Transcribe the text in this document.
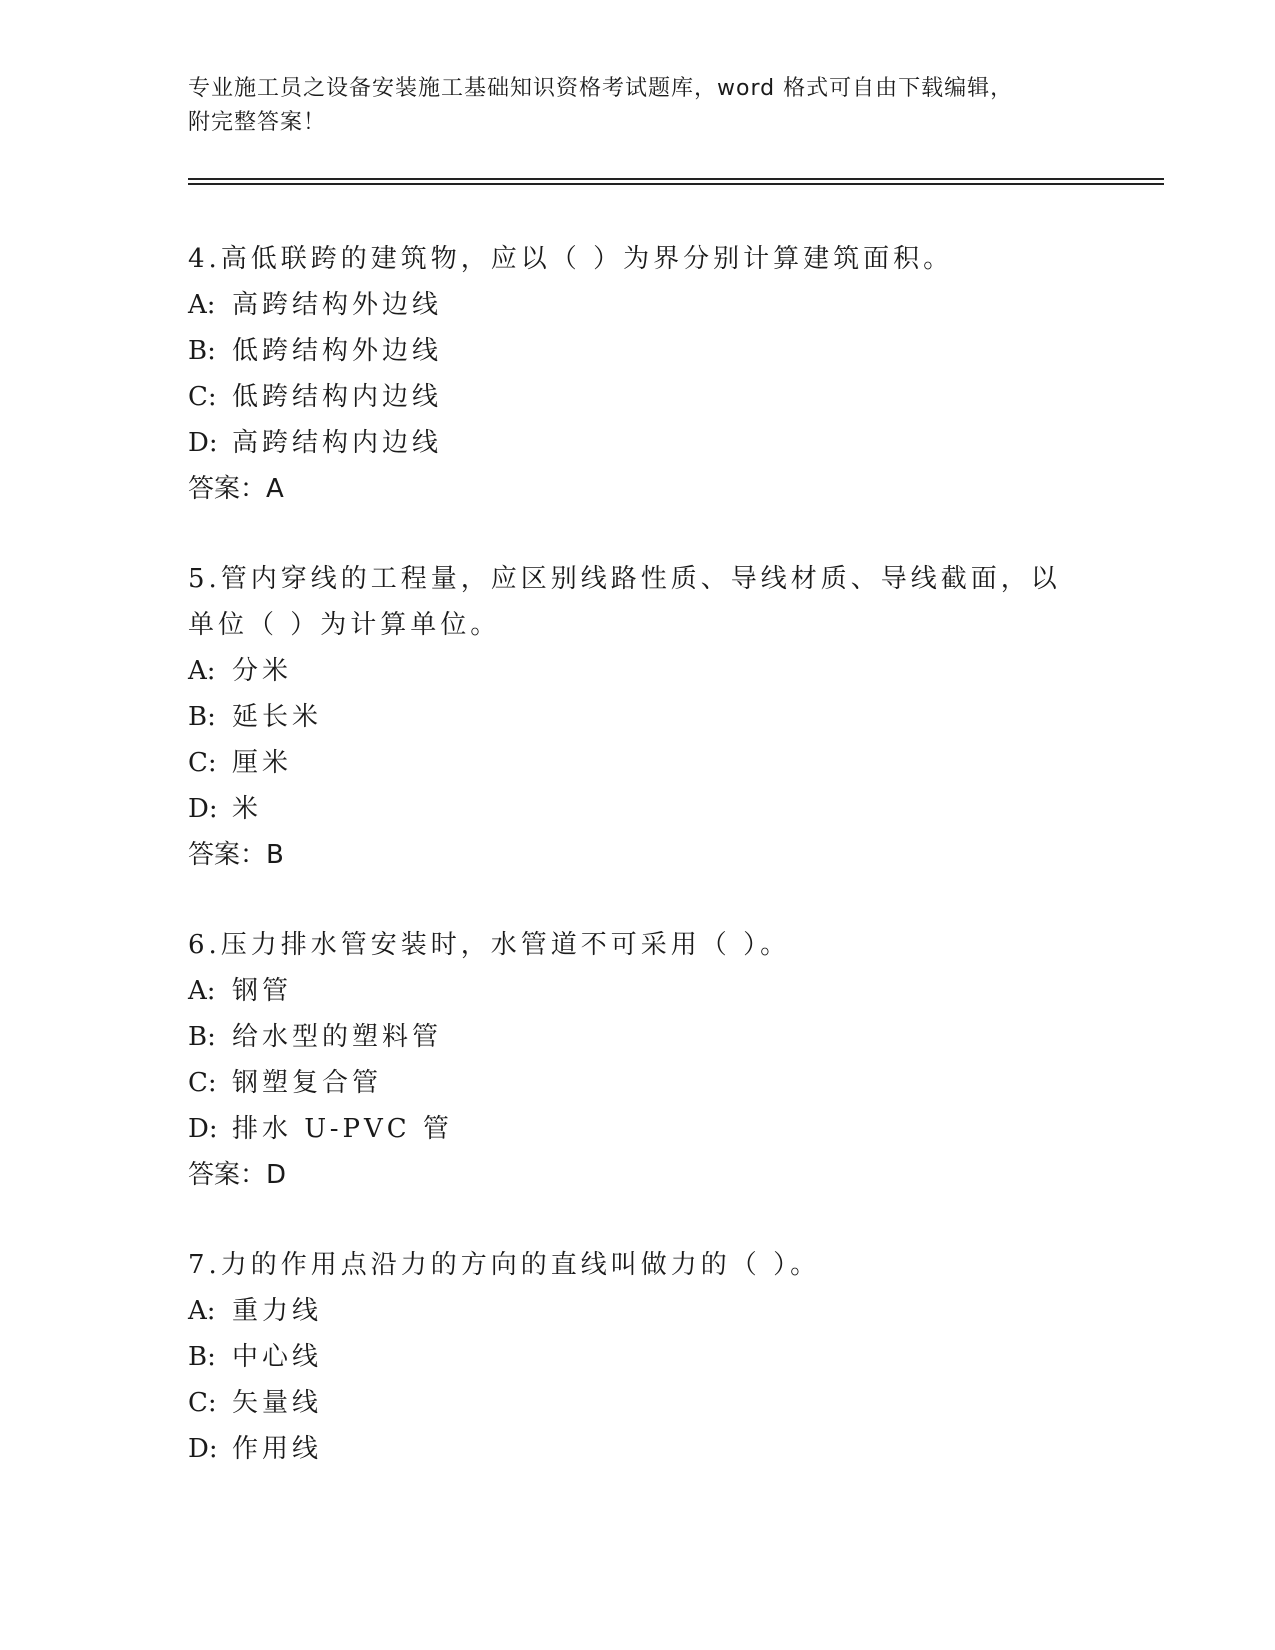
专业施工员之设备安装施工基础知识资格考试题库，word 格式可自由下载编辑，
附完整答案！
4.高低联跨的建筑物，应以（ ）为界分别计算建筑面积。
A: 高跨结构外边线
B: 低跨结构外边线
C: 低跨结构内边线
D: 高跨结构内边线
答案：A
5.管内穿线的工程量，应区别线路性质、导线材质、导线截面，以单位（ ）为计算单位。
A: 分米
B: 延长米
C: 厘米
D: 米
答案：B
6.压力排水管安装时，水管道不可采用（ ）。
A: 钢管
B: 给水型的塑料管
C: 钢塑复合管
D: 排水 U-PVC 管
答案：D
7.力的作用点沿力的方向的直线叫做力的（ ）。
A: 重力线
B: 中心线
C: 矢量线
D: 作用线
